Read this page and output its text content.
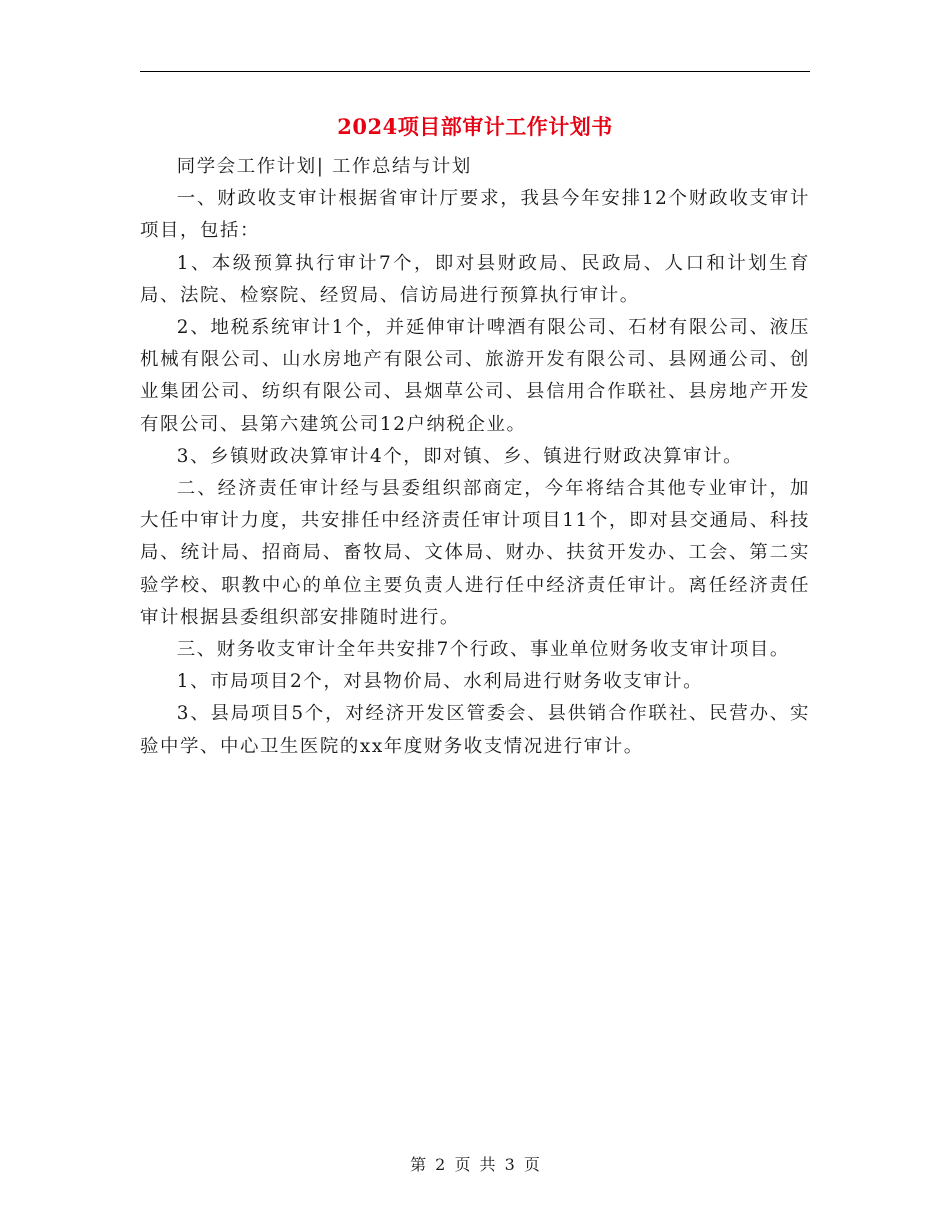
2024项目部审计工作计划书

同学会工作计划| 工作总结与计划

一、财政收支审计根据省审计厅要求，我县今年安排12个财政收支审计项目，包括：

1、本级预算执行审计7个，即对县财政局、民政局、人口和计划生育局、法院、检察院、经贸局、信访局进行预算执行审计。

2、地税系统审计1个，并延伸审计啤酒有限公司、石材有限公司、液压机械有限公司、山水房地产有限公司、旅游开发有限公司、县网通公司、创业集团公司、纺织有限公司、县烟草公司、县信用合作联社、县房地产开发有限公司、县第六建筑公司12户纳税企业。

3、乡镇财政决算审计4个，即对镇、乡、镇进行财政决算审计。

二、经济责任审计经与县委组织部商定，今年将结合其他专业审计，加大任中审计力度，共安排任中经济责任审计项目11个，即对县交通局、科技局、统计局、招商局、畜牧局、文体局、财办、扶贫开发办、工会、第二实验学校、职教中心的单位主要负责人进行任中经济责任审计。离任经济责任审计根据县委组织部安排随时进行。

三、财务收支审计全年共安排7个行政、事业单位财务收支审计项目。

1、市局项目2个，对县物价局、水利局进行财务收支审计。

3、县局项目5个，对经济开发区管委会、县供销合作联社、民营办、实验中学、中心卫生医院的xx年度财务收支情况进行审计。

第 2 页 共 3 页
